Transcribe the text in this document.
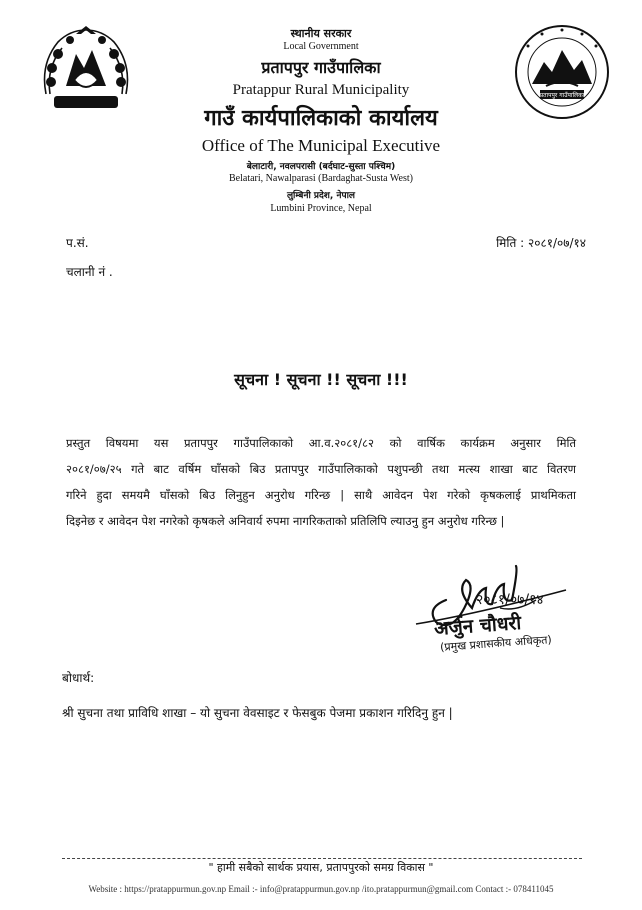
प्रतापपुर गाउँपालिका
स्थानीय सरकार
Local Government
प्रतापपुर गाउँपालिका
Pratappur Rural Municipality
गाउँ कार्यपालिकाको कार्यालय
Office of The Municipal Executive
बेलाटारी, नवलपरासी (बर्दघाट-सुस्ता पश्चिम)
Belatari, Nawalparasi (Bardaghat-Susta West)
लुम्बिनी प्रदेश, नेपाल
Lumbini Province, Nepal
प.सं.
चलानी नं .
मिति : २०८१/०७/१४
सूचना ! सूचना !! सूचना !!!
प्रस्तुत विषयमा यस प्रतापपुर गाउँपालिकाको आ.व.२०८१/८२ को वार्षिक कार्यक्रम अनुसार मिति
२०८१/०७/२५ गते बाट वर्षिम घाँसको बिउ प्रतापपुर गाउँपालिकाको पशुपन्छी तथा मत्स्य शाखा बाट वितरण
गरिने हुदा समयमै घाँसको बिउ लिनुहुन अनुरोध गरिन्छ | साथै आवेदन पेश गरेको कृषकलाई प्राथमिकता
दिइनेछ र आवेदन पेश नगरेको कृषकले अनिवार्य रुपमा नागरिकताको प्रतिलिपि ल्याउनु हुन अनुरोध गरिन्छ |
२०८१/०७/१४
अर्जुन चौधरी
(प्रमुख प्रशासकीय अधिकृत)
बोधार्थ:
श्री सुचना तथा प्राविधि शाखा – यो सुचना वेवसाइट र फेसबुक पेजमा प्रकाशन गरिदिनु हुन |
" हामी सबैको सार्थक प्रयास, प्रतापपुरको समग्र विकास "
Website : https://pratappurmun.gov.np Email :- info@pratappurmun.gov.np /ito.pratappurmun@gmail.com Contact :- 078411045
